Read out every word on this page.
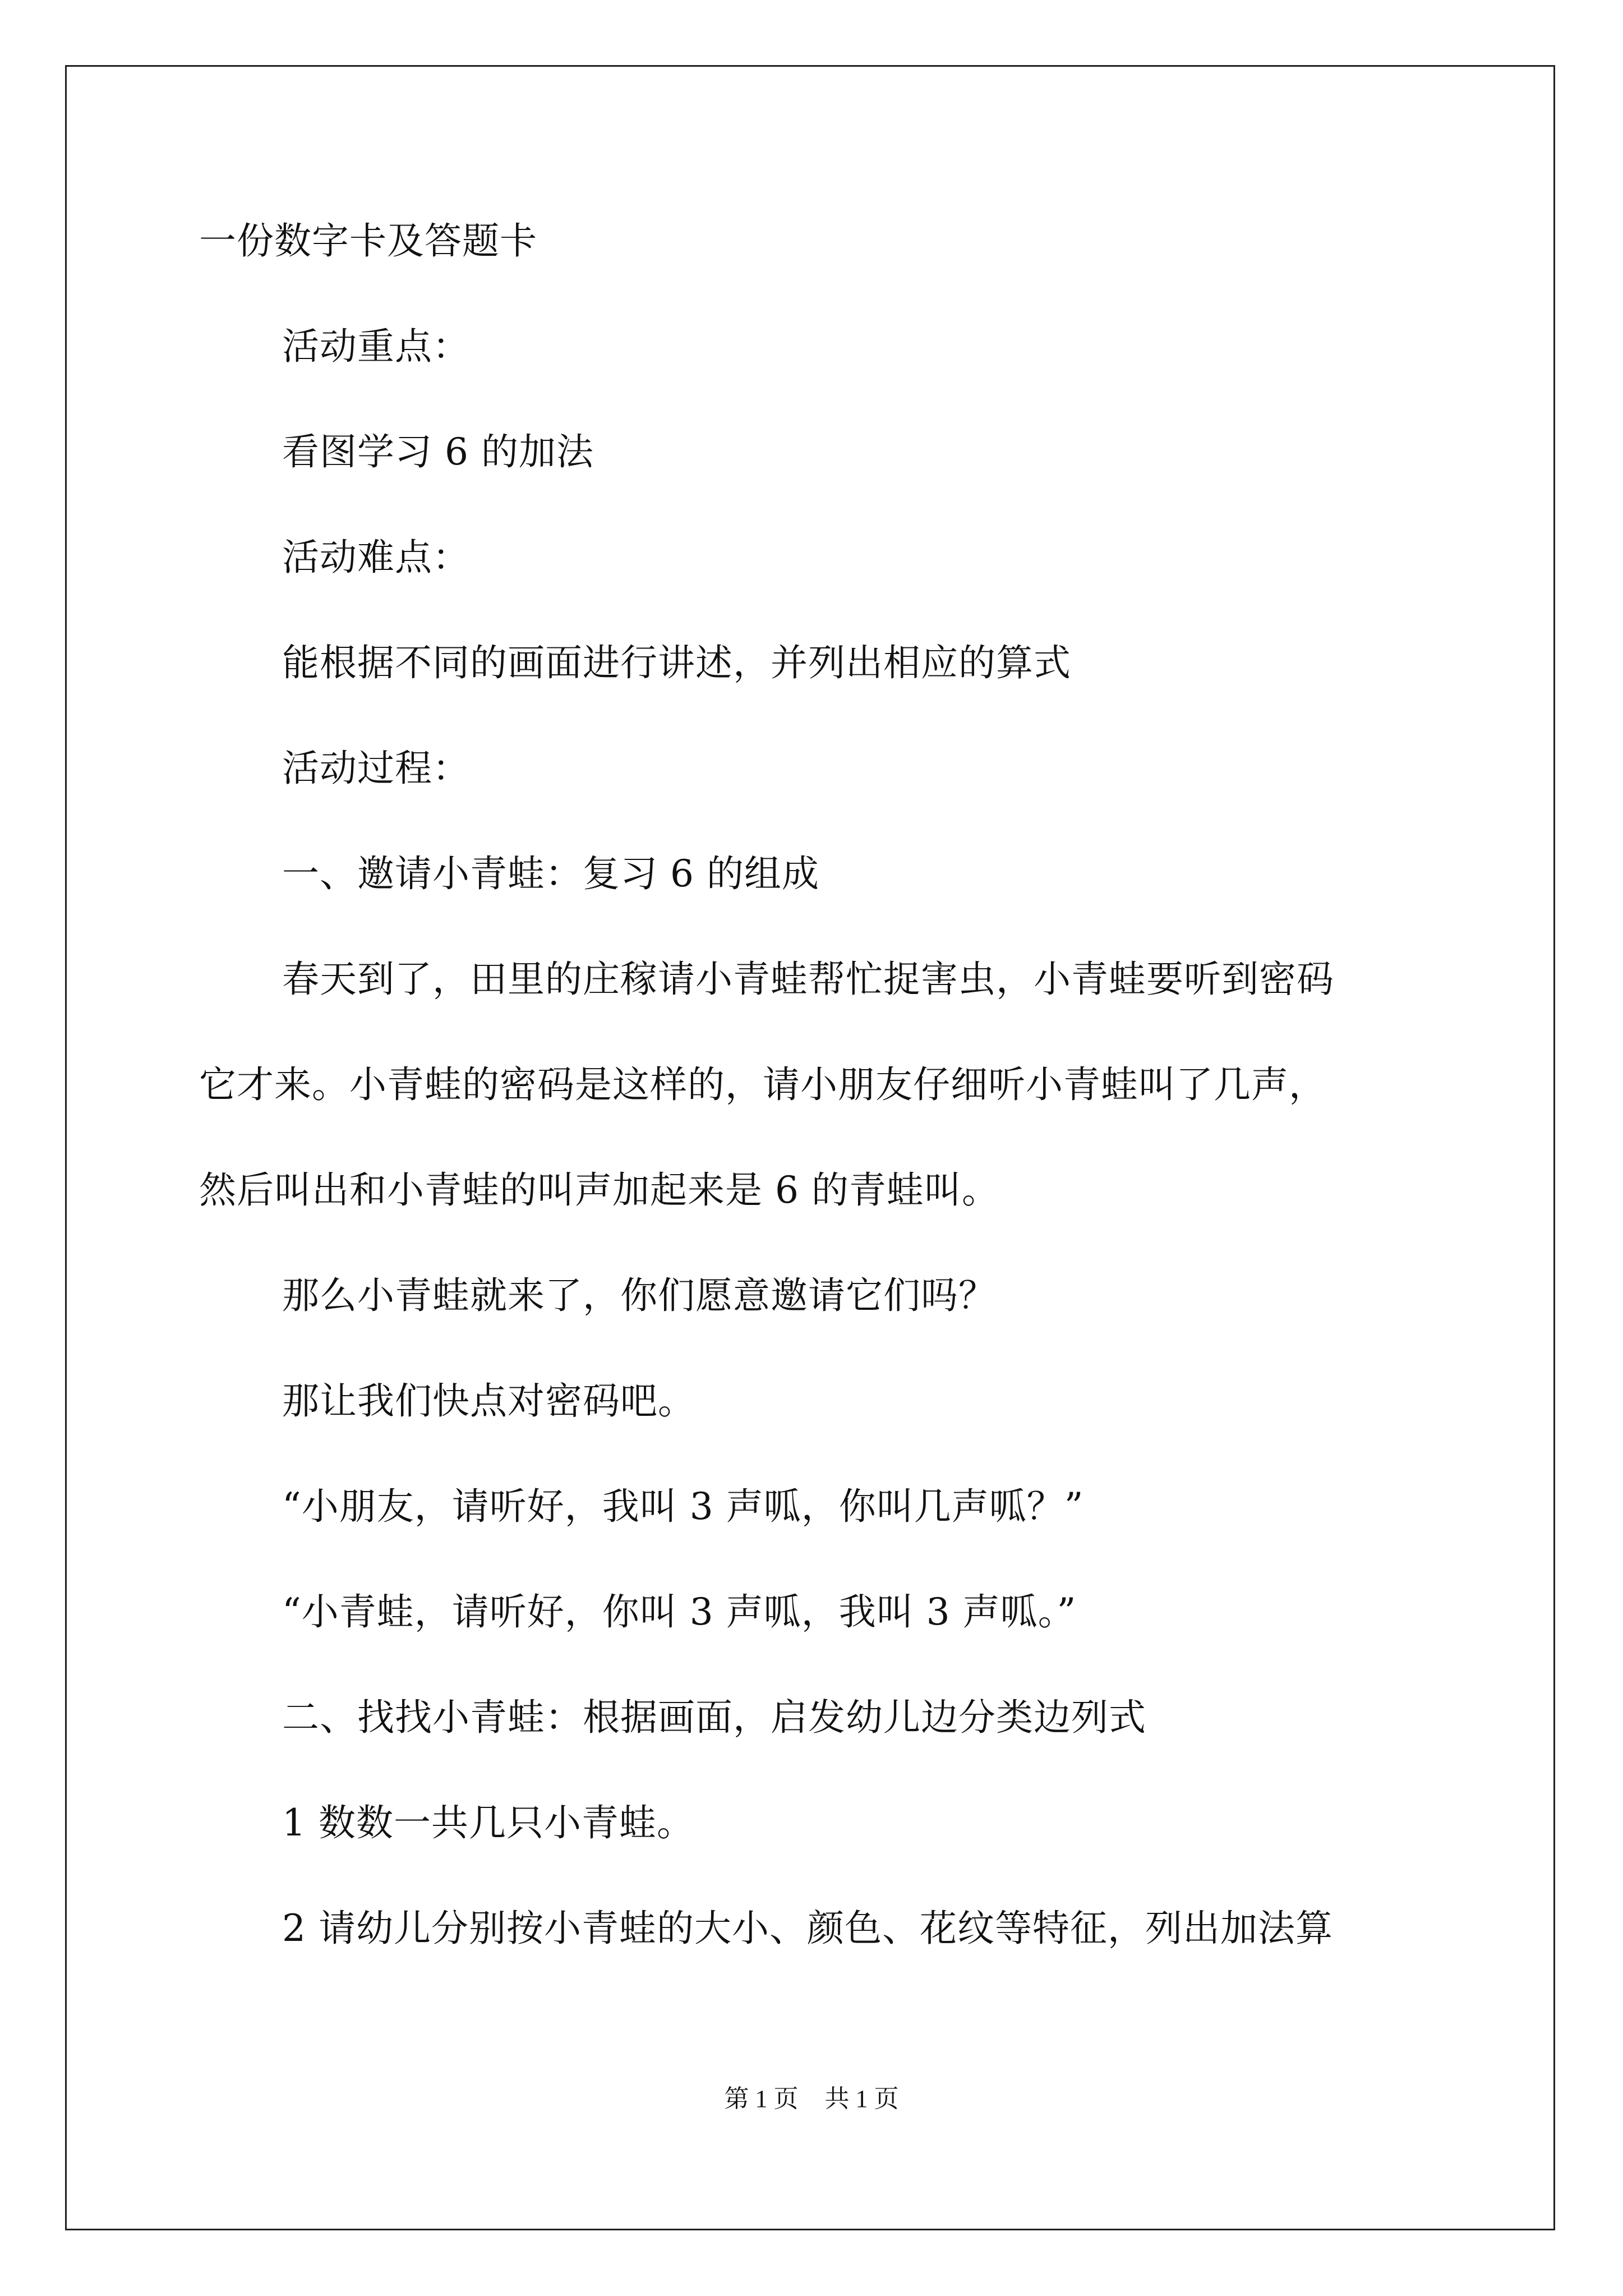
一份数字卡及答题卡
活动重点：
看图学习 6 的加法
活动难点：
能根据不同的画面进行讲述，并列出相应的算式
活动过程：
一、邀请小青蛙：复习 6 的组成
春天到了，田里的庄稼请小青蛙帮忙捉害虫，小青蛙要听到密码
它才来。小青蛙的密码是这样的，请小朋友仔细听小青蛙叫了几声，
然后叫出和小青蛙的叫声加起来是 6 的青蛙叫。
那么小青蛙就来了，你们愿意邀请它们吗？
那让我们快点对密码吧。
“小朋友，请听好，我叫 3 声呱，你叫几声呱？”
“小青蛙，请听好，你叫 3 声呱，我叫 3 声呱。”
二、找找小青蛙：根据画面，启发幼儿边分类边列式
1 数数一共几只小青蛙。
2 请幼儿分别按小青蛙的大小、颜色、花纹等特征，列出加法算
第 1 页 共 1 页
